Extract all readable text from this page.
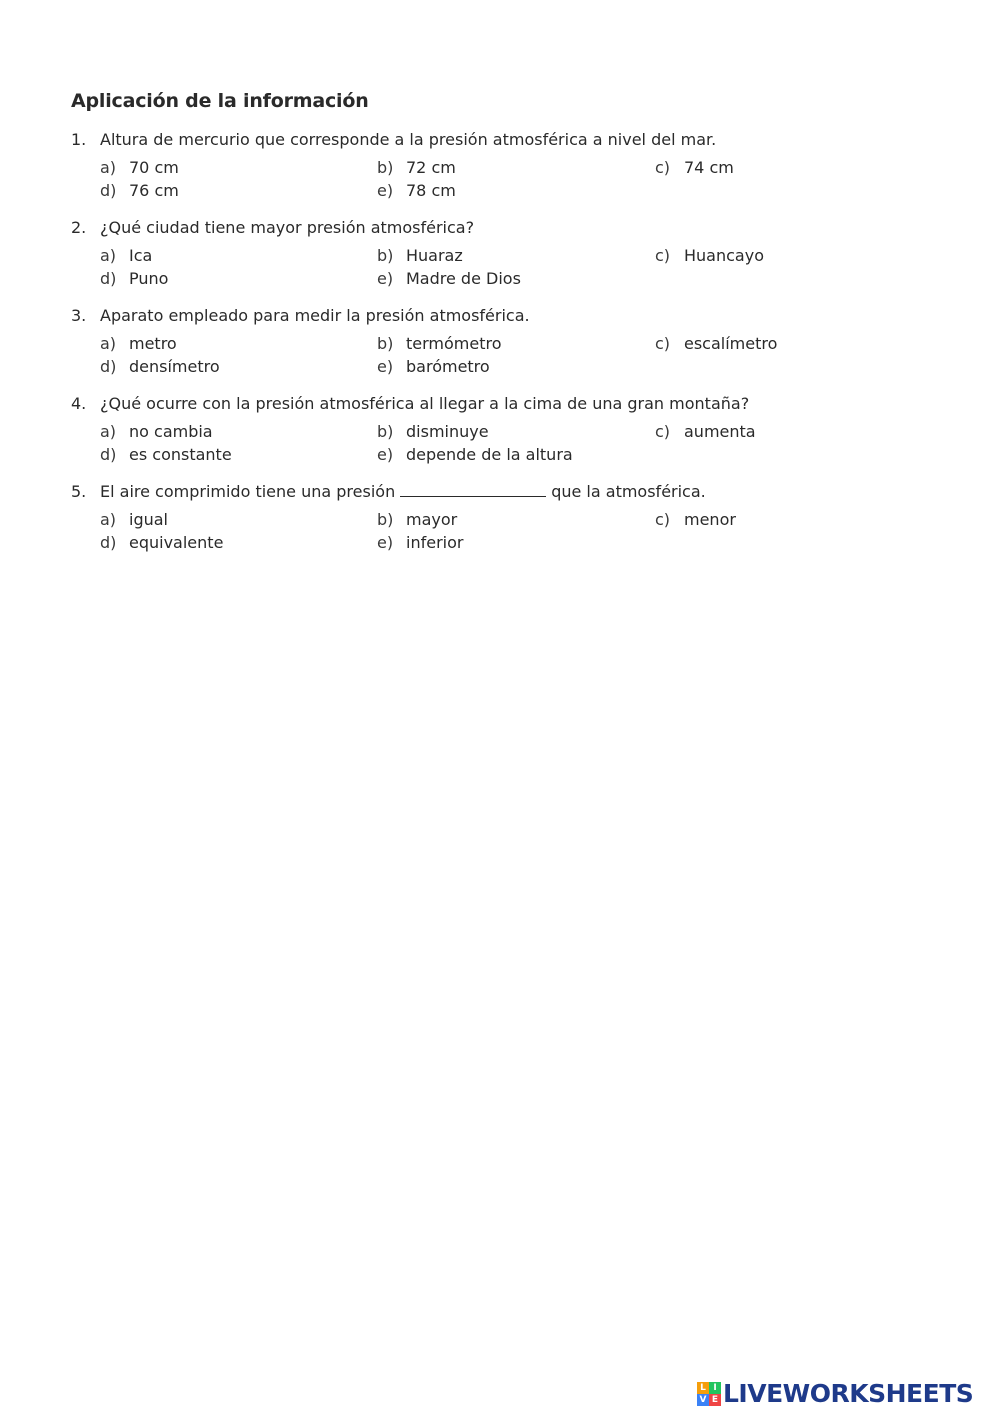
Aplicación de la información
1. Altura de mercurio que corresponde a la presión atmosférica a nivel del mar.
a) 70 cm	b) 72 cm	c) 74 cm
d) 76 cm	e) 78 cm
2. ¿Qué ciudad tiene mayor presión atmosférica?
a) Ica	b) Huaraz	c) Huancayo
d) Puno	e) Madre de Dios
3. Aparato empleado para medir la presión atmosférica.
a) metro	b) termómetro	c) escalímetro
d) densímetro	e) barómetro
4. ¿Qué ocurre con la presión atmosférica al llegar a la cima de una gran montaña?
a) no cambia	b) disminuye	c) aumenta
d) es constante	e) depende de la altura
5. El aire comprimido tiene una presión	que la atmosférica.
a) igual	b) mayor	c) menor
d) equivalente	e) inferior
L I
V E LIVEWORKSHEETS
